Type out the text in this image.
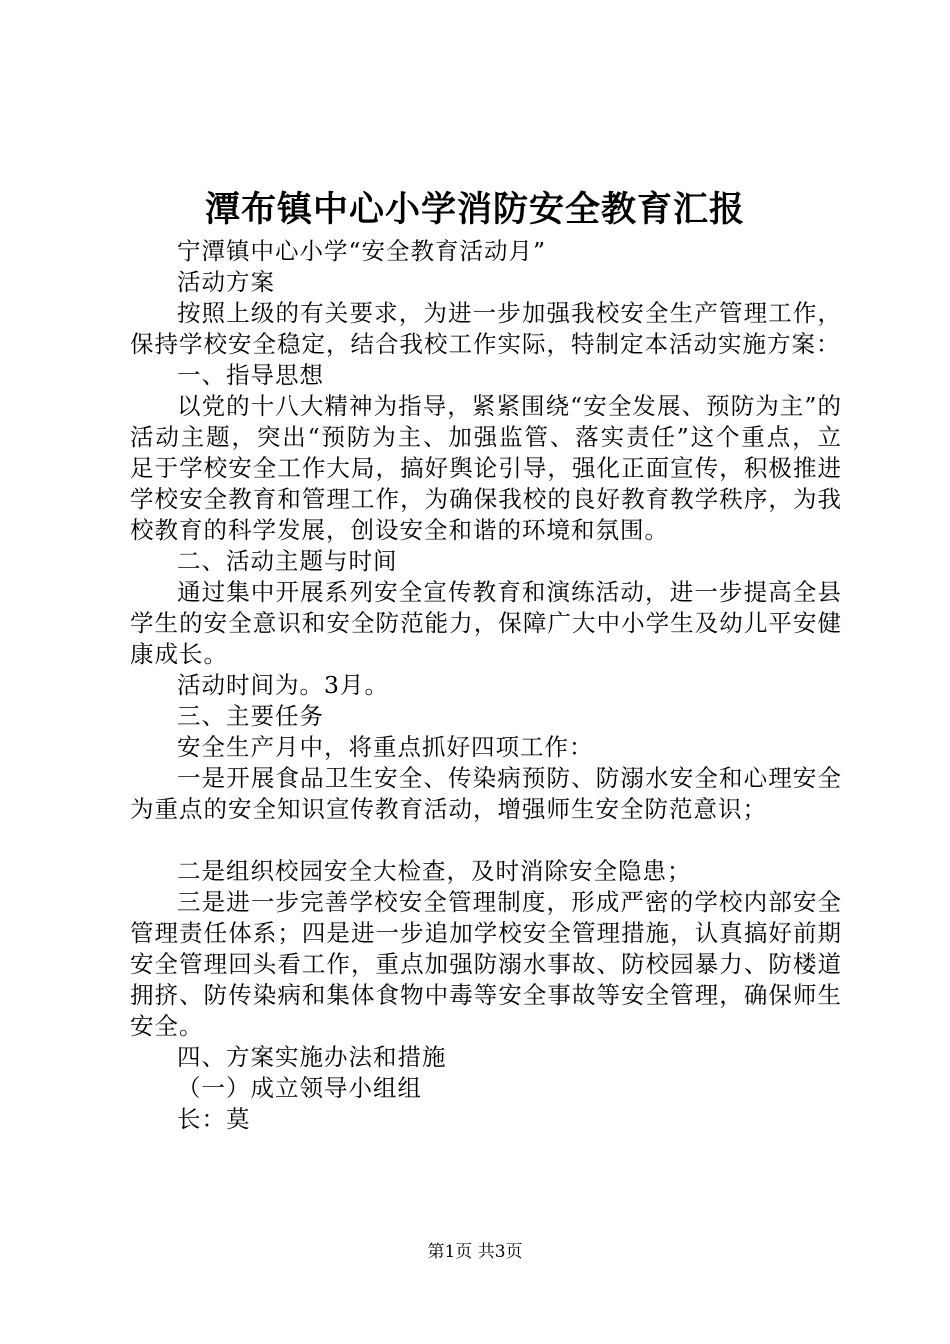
潭布镇中心小学消防安全教育汇报

宁潭镇中心小学“安全教育活动月”

活动方案

按照上级的有关要求，为进一步加强我校安全生产管理工作，保持学校安全稳定，结合我校工作实际，特制定本活动实施方案：

一、指导思想

以党的十八大精神为指导，紧紧围绕“安全发展、预防为主”的活动主题，突出“预防为主、加强监管、落实责任”这个重点，立足于学校安全工作大局，搞好舆论引导，强化正面宣传，积极推进学校安全教育和管理工作，为确保我校的良好教育教学秩序，为我校教育的科学发展，创设安全和谐的环境和氛围。

二、活动主题与时间

通过集中开展系列安全宣传教育和演练活动，进一步提高全县学生的安全意识和安全防范能力，保障广大中小学生及幼儿平安健康成长。

活动时间为。3月。

三、主要任务

安全生产月中，将重点抓好四项工作：

一是开展食品卫生安全、传染病预防、防溺水安全和心理安全为重点的安全知识宣传教育活动，增强师生安全防范意识；

二是组织校园安全大检查，及时消除安全隐患；

三是进一步完善学校安全管理制度，形成严密的学校内部安全管理责任体系；四是进一步追加学校安全管理措施，认真搞好前期安全管理回头看工作，重点加强防溺水事故、防校园暴力、防楼道拥挤、防传染病和集体食物中毒等安全事故等安全管理，确保师生安全。

四、方案实施办法和措施

（一）成立领导小组组

长：莫

第1页 共3页
